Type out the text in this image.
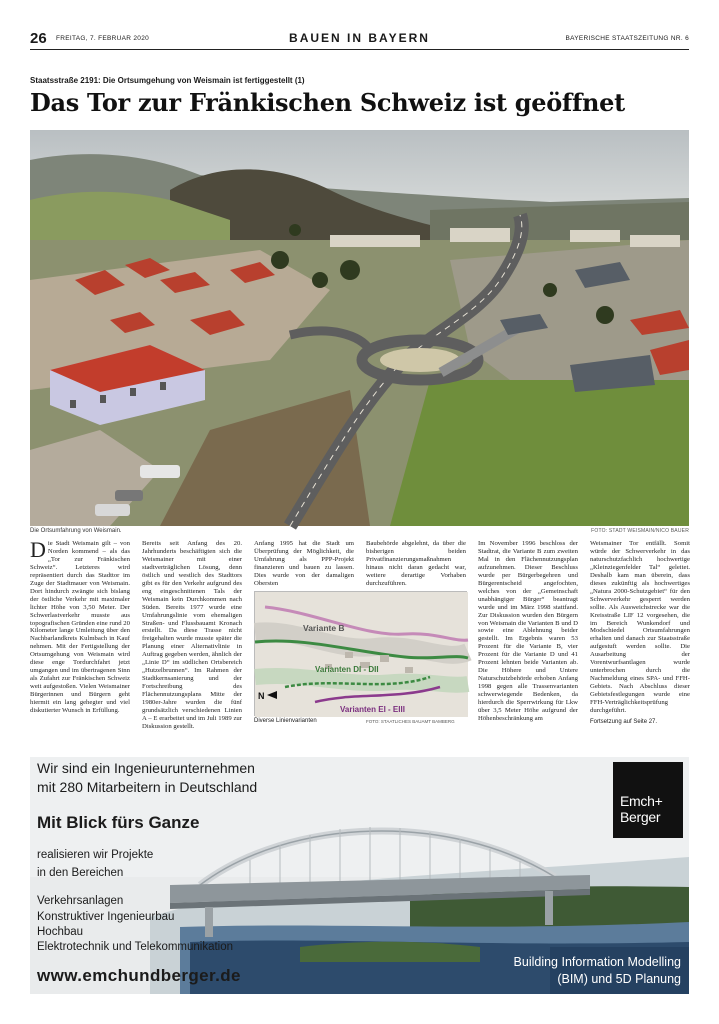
26 FREITAG, 7. FEBRUAR 2020	BAUEN IN BAYERN	BAYERISCHE STAATSZEITUNG NR. 6
Staatsstraße 2191: Die Ortsumgehung von Weismain ist fertiggestellt (1)
Das Tor zur Fränkischen Schweiz ist geöffnet
Die Ortsumfahrung von Weismain.	FOTO: STADT WEISMAIN/NICO BAUER
Die Stadt Weismain gilt – von Norden kommend – als das „Tor zur Fränkischen Schweiz“. Letzteres wird repräsentiert durch das Stadttor im Zuge der Stadtmauer von Weismain. Dort hindurch zwängte sich bislang der östliche Verkehr mit maximaler lichter Höhe von 3,50 Meter. Der Schwerlastverkehr musste aus topografischen Gründen eine rund 20 Kilometer lange Umleitung über den Nachbarlandkreis Kulmbach in Kauf nehmen. Mit der Fertigstellung der Ortsumgehung von Weismain wird diese enge Tordurchfahrt jetzt umgangen und im übertragenen Sinn als Zufahrt zur Fränkischen Schweiz weit aufgestoßen. Vielen Weismainer Bürgerinnen und Bürgern geht hiermit ein lang gehegter und viel diskutierter Wunsch in Erfüllung.
Bereits seit Anfang des 20. Jahrhunderts beschäftigten sich die Weismainer mit einer stadtverträglichen Lösung, denn östlich und westlich des Stadttors gibt es für den Verkehr aufgrund des eng eingeschnittenen Tals der Weismain kein Durchkommen nach Süden. Bereits 1977 wurde eine Umfahrungslinie vom ehemaligen Straßen- und Flussbauamt Kronach erstellt. Da diese Trasse nicht freigehalten wurde musste später die Planung einer Alternativlinie in Auftrag gegeben werden, ähnlich der „Linie D“ im südlichen Ortsbereich „Hutzelbrunnen“. Im Rahmen der Stadtkernsanierung und der Fortschreibung des Flächennutzungsplans Mitte der 1980er-Jahre wurden die fünf grundsätzlich verschiedenen Linien A – E erarbeitet und im Juli 1989 zur Diskussion gestellt.
Anfang 1995 hat die Stadt um Überprüfung der Möglichkeit, die Umfahrung als PPP-Projekt finanzieren und bauen zu lassen. Dies wurde von der damaligen Obersten
Baubehörde abgelehnt, da über die bisherigen beiden Privatfinanzierungsmaßnahmen hinaus nicht daran gedacht war, weitere derartige Vorhaben durchzuführen.
Im November 1996 beschloss der Stadtrat, die Variante B zum zweiten Mal in den Flächennutzungsplan aufzunehmen. Dieser Beschluss wurde per Bürgerbegehren und Bürgerentscheid angefochten, welches von der „Gemeinschaft unabhängiger Bürger“ beantragt wurde und im März 1998 stattfand. Zur Diskussion wurden den Bürgern von Weismain die Varianten B und D sowie eine Ablehnung beider gestellt. Im Ergebnis waren 53 Prozent für die Variante B, vier Prozent für die Variante D und 41 Prozent lehnten beide Varianten ab. Die Höhere und Untere Naturschutzbehörde erhoben Anfang 1998 gegen alle Trassenvarianten schwerwiegende Bedenken, da hierdurch die Sperrwirkung für Lkw über 3,5 Meter Höhe aufgrund der Höhenbeschränkung am
Weismainer Tor entfällt. Somit würde der Schwerverkehr in das naturschutzfachlich hochwertige „Kleinziegenfelder Tal“ geleitet. Deshalb kam man überein, dass dieses zukünftig als hochwertiges „Natura 2000-Schutzgebiet“ für den Schwerverkehr gesperrt werden sollte. Als Ausweichstrecke war die Kreisstraße LIF 12 vorgesehen, die im Bereich Wunkendorf und Modschiedel Ortsumfahrungen erhalten und danach zur Staatsstraße aufgestuft werden sollte. Die Ausarbeitung der Vorentwurfsantlagen wurde unterbrochen durch die Nachmeldung eines SPA- und FFH-Gebiets. Nach Abschluss dieser Gebietsfestlegungen wurde eine FFH-Verträglichkeitsprüfung durchgeführt.
Variante B
Varianten DI - DII
Varianten EI - EIII
N
Diverse Linienvarianten	FOTO: STAATLICHES BAUAMT BAMBERG	Fortsetzung auf Seite 27.
Wir sind ein Ingenieurunternehmen
mit 280 Mitarbeitern in Deutschland
Mit Blick fürs Ganze
realisieren wir Projekte
in den Bereichen
Verkehrsanlagen
Konstruktiver Ingenieurbau
Hochbau
Elektrotechnik und Telekommunikation
www.emchundberger.de
Building Information Modelling
(BIM) und 5D Planung
Emch+
Berger
